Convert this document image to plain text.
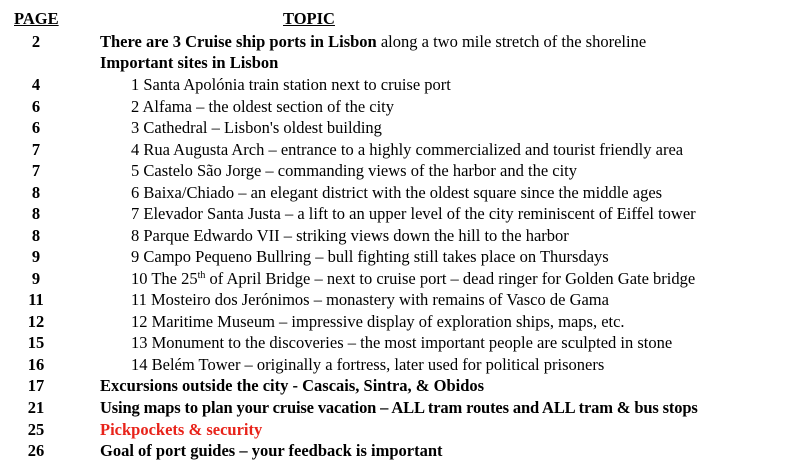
PAGE	TOPIC
2	There are 3 Cruise ship ports in Lisbon along a two mile stretch of the shoreline
Important sites in Lisbon
4	1 Santa Apolónia train station next to cruise port
6	2 Alfama – the oldest section of the city
6	3 Cathedral – Lisbon's oldest building
7	4 Rua Augusta Arch – entrance to a highly commercialized and tourist friendly area
7	5 Castelo São Jorge – commanding views of the harbor and the city
8	6 Baixa/Chiado – an elegant district with the oldest square since the middle ages
8	7 Elevador Santa Justa – a lift to an upper level of the city reminiscent of Eiffel tower
8	8 Parque Edwardo VII – striking views down the hill to the harbor
9	9 Campo Pequeno Bullring – bull fighting still takes place on Thursdays
9	10 The 25th of April Bridge – next to cruise port – dead ringer for Golden Gate bridge
11	11 Mosteiro dos Jerónimos – monastery with remains of Vasco de Gama
12	12 Maritime Museum – impressive display of exploration ships, maps, etc.
15	13 Monument to the discoveries – the most important people are sculpted in stone
16	14 Belém Tower – originally a fortress, later used for political prisoners
17	Excursions outside the city - Cascais, Sintra, & Obidos
21	Using maps to plan your cruise vacation – ALL tram routes and ALL tram & bus stops
25	Pickpockets & security
26	Goal of port guides – your feedback is important
